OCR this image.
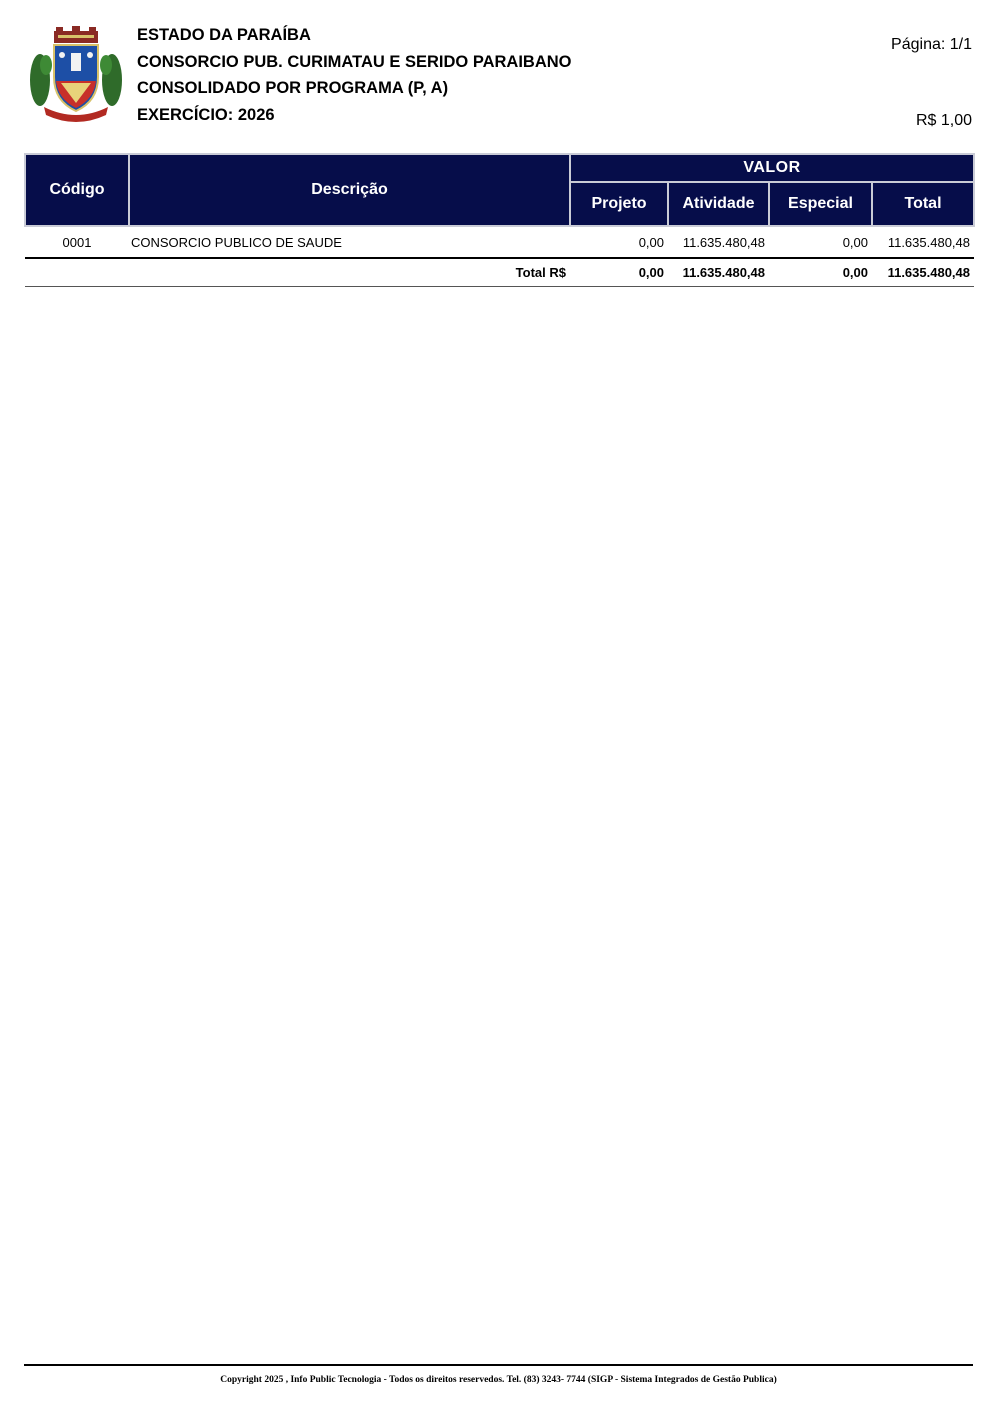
ESTADO DA PARAÍBA
CONSORCIO PUB. CURIMATAU E SERIDO PARAIBANO
CONSOLIDADO POR PROGRAMA (P, A)
EXERCÍCIO: 2026
Página: 1/1
R$ 1,00
Código	Descrição	VALOR			
		Projeto	Atividade	Especial	Total
0001	CONSORCIO PUBLICO DE SAUDE	0,00	11.635.480,48	0,00	11.635.480,48
	Total R$	0,00	11.635.480,48	0,00	11.635.480,48
Copyright 2025 , Info Public Tecnologia - Todos os direitos reservedos. Tel. (83) 3243- 7744 (SIGP - Sistema Integrados de Gestão Publica)
